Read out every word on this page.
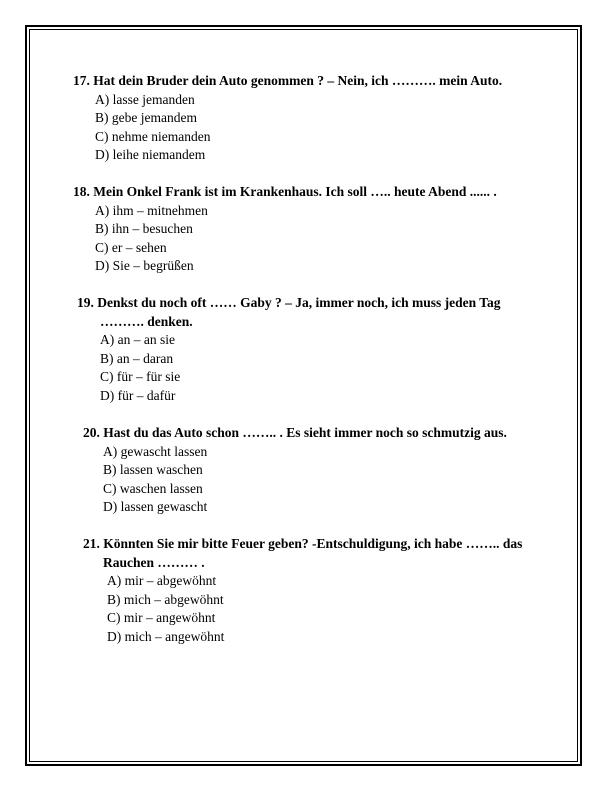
17. Hat dein Bruder dein Auto genommen ? – Nein, ich ………. mein Auto.
A) lasse jemanden
B) gebe jemandem
C) nehme niemanden
D) leihe niemandem
18. Mein Onkel Frank ist im Krankenhaus. Ich soll ….. heute Abend ...... .
A) ihm – mitnehmen
B) ihn – besuchen
C) er – sehen
D) Sie – begrüßen
19. Denkst du noch oft …… Gaby ? – Ja, immer noch, ich muss jeden Tag
………. denken.
A) an – an sie
B) an – daran
C) für – für sie
D) für – dafür
20. Hast du das Auto schon …….. . Es sieht immer noch so schmutzig aus.
A) gewascht lassen
B) lassen waschen
C) waschen lassen
D) lassen gewascht
21. Könnten Sie mir bitte Feuer geben? -Entschuldigung, ich habe …….. das
Rauchen ……… .
A) mir – abgewöhnt
B) mich – abgewöhnt
C) mir – angewöhnt
D) mich – angewöhnt
